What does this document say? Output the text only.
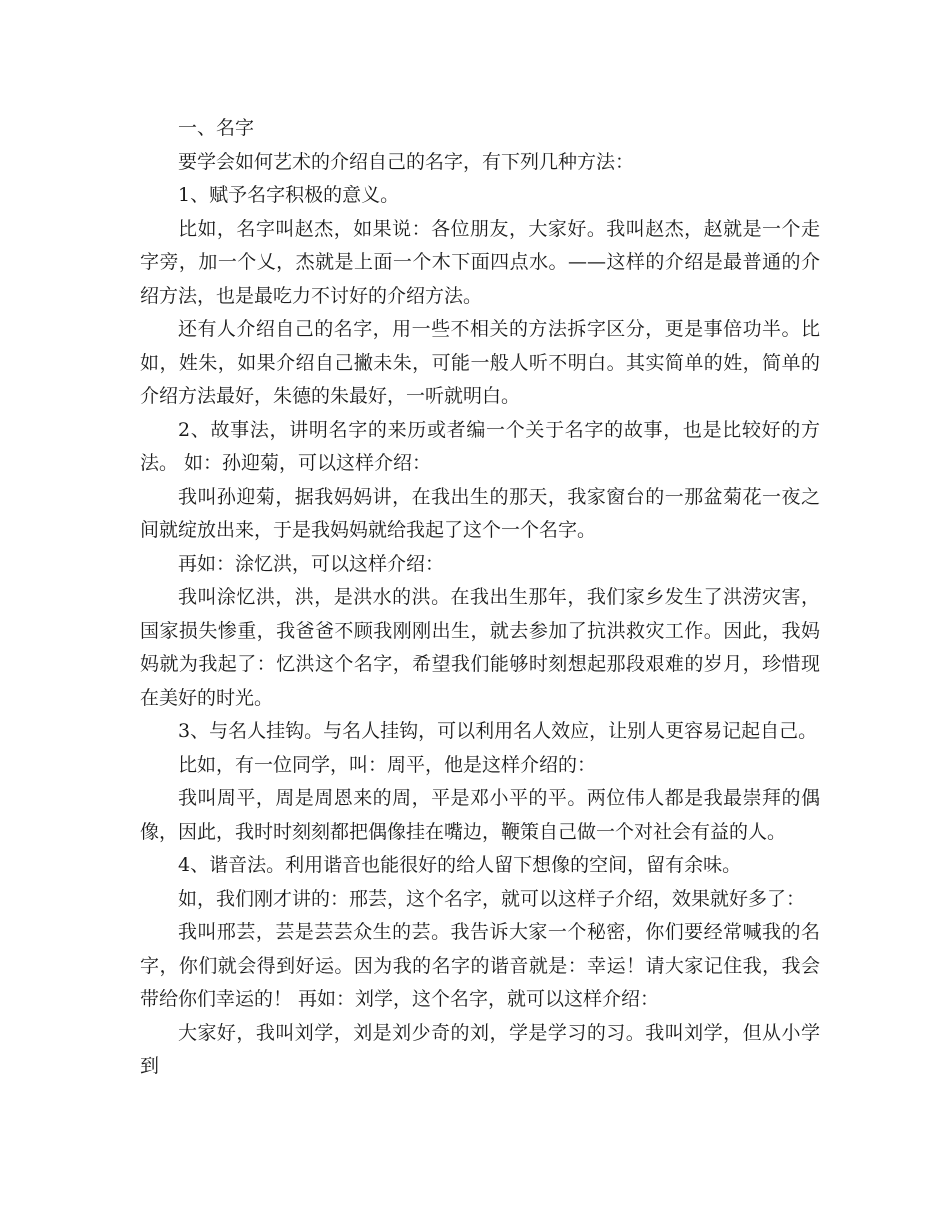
一、名字

要学会如何艺术的介绍自己的名字，有下列几种方法：

1、赋予名字积极的意义。

比如，名字叫赵杰，如果说：各位朋友，大家好。我叫赵杰，赵就是一个走字旁，加一个乂，杰就是上面一个木下面四点水。——这样的介绍是最普通的介绍方法，也是最吃力不讨好的介绍方法。

还有人介绍自己的名字，用一些不相关的方法拆字区分，更是事倍功半。比如，姓朱，如果介绍自己撇未朱，可能一般人听不明白。其实简单的姓，简单的介绍方法最好，朱德的朱最好，一听就明白。

2、故事法，讲明名字的来历或者编一个关于名字的故事，也是比较好的方法。 如：孙迎菊，可以这样介绍：

我叫孙迎菊，据我妈妈讲，在我出生的那天，我家窗台的一那盆菊花一夜之间就绽放出来，于是我妈妈就给我起了这个一个名字。

再如：涂忆洪，可以这样介绍：

我叫涂忆洪，洪，是洪水的洪。在我出生那年，我们家乡发生了洪涝灾害，国家损失惨重，我爸爸不顾我刚刚出生，就去参加了抗洪救灾工作。因此，我妈妈就为我起了：忆洪这个名字，希望我们能够时刻想起那段艰难的岁月，珍惜现在美好的时光。

3、与名人挂钩。与名人挂钩，可以利用名人效应，让别人更容易记起自己。

比如，有一位同学，叫：周平，他是这样介绍的：

我叫周平，周是周恩来的周，平是邓小平的平。两位伟人都是我最崇拜的偶像，因此，我时时刻刻都把偶像挂在嘴边，鞭策自己做一个对社会有益的人。

4、谐音法。利用谐音也能很好的给人留下想像的空间，留有余味。

如，我们刚才讲的：邢芸，这个名字，就可以这样子介绍，效果就好多了：

我叫邢芸，芸是芸芸众生的芸。我告诉大家一个秘密，你们要经常喊我的名字，你们就会得到好运。因为我的名字的谐音就是：幸运！请大家记住我，我会带给你们幸运的！ 再如：刘学，这个名字，就可以这样介绍：

大家好，我叫刘学，刘是刘少奇的刘，学是学习的习。我叫刘学，但从小学到
